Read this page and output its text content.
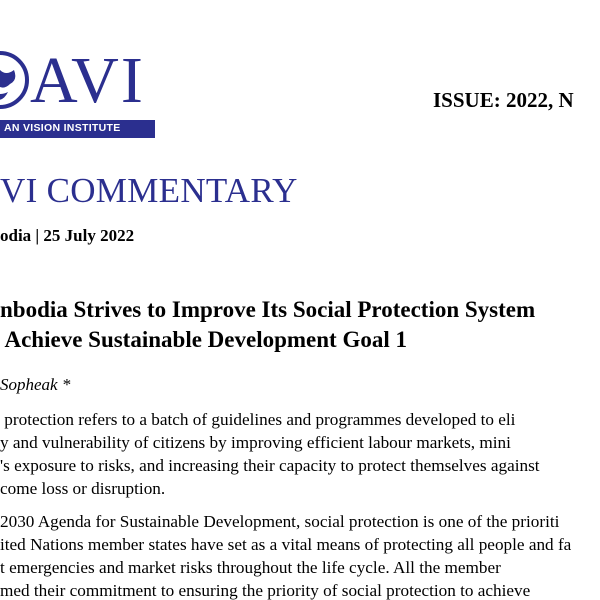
AVI
AN VISION INSTITUTE
ISSUE: 2022, N
VI COMMENTARY
odia | 25 July 2022
nbodia Strives to Improve Its Social Protection System
Achieve Sustainable Development Goal 1
Sopheak *
protection refers to a batch of guidelines and programmes developed to eli
y and vulnerability of citizens by improving efficient labour markets, mini
's exposure to risks, and increasing their capacity to protect themselves against
come loss or disruption.
2030 Agenda for Sustainable Development, social protection is one of the prioriti
ited Nations member states have set as a vital means of protecting all people and fa
t emergencies and market risks throughout the life cycle. All the member
med their commitment to ensuring the priority of social protection to achieve
